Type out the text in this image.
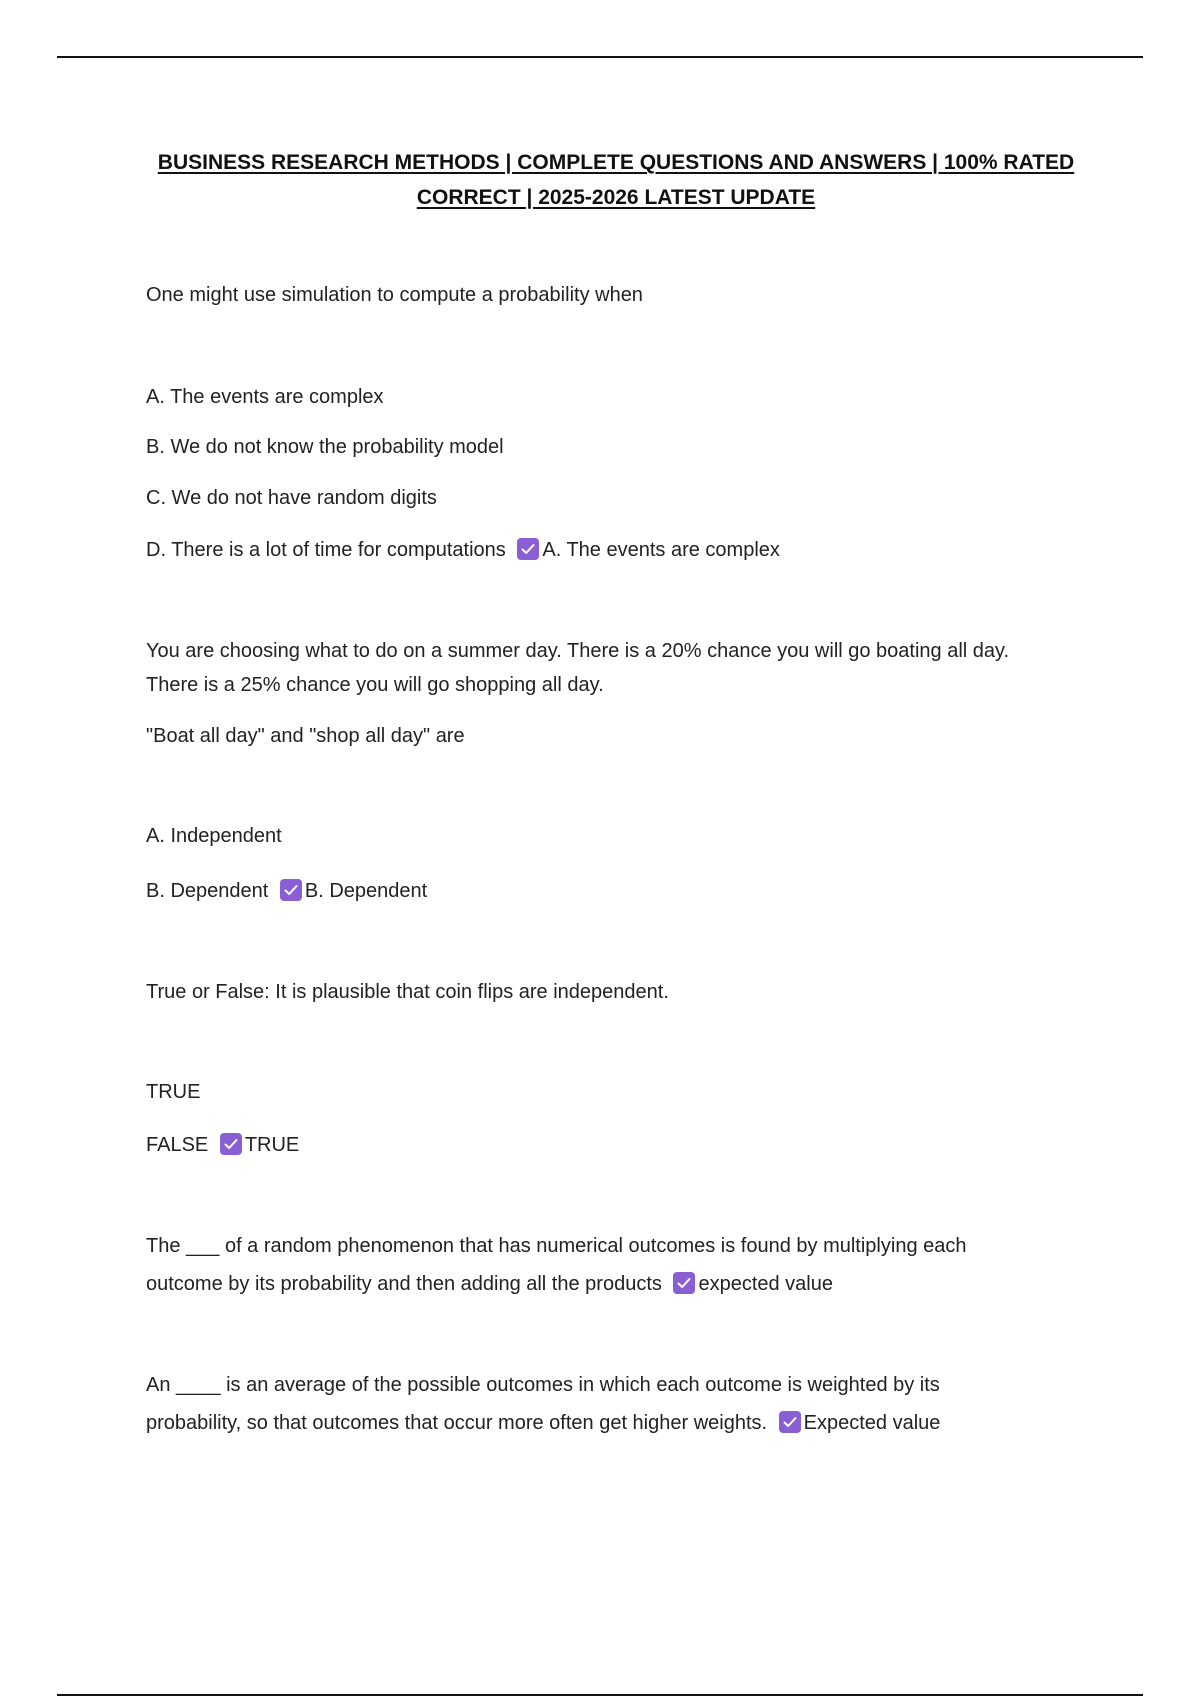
BUSINESS RESEARCH METHODS | COMPLETE QUESTIONS AND ANSWERS | 100% RATED
CORRECT | 2025-2026 LATEST UPDATE
One might use simulation to compute a probability when
A. The events are complex
B. We do not know the probability model
C. We do not have random digits
D. There is a lot of time for computations A. The events are complex
You are choosing what to do on a summer day. There is a 20% chance you will go boating all day.
There is a 25% chance you will go shopping all day.
"Boat all day" and "shop all day" are
A. Independent
B. Dependent B. Dependent
True or False: It is plausible that coin flips are independent.
TRUE
FALSE TRUE
The ___ of a random phenomenon that has numerical outcomes is found by multiplying each
outcome by its probability and then adding all the products expected value
An ____ is an average of the possible outcomes in which each outcome is weighted by its
probability, so that outcomes that occur more often get higher weights. Expected value
